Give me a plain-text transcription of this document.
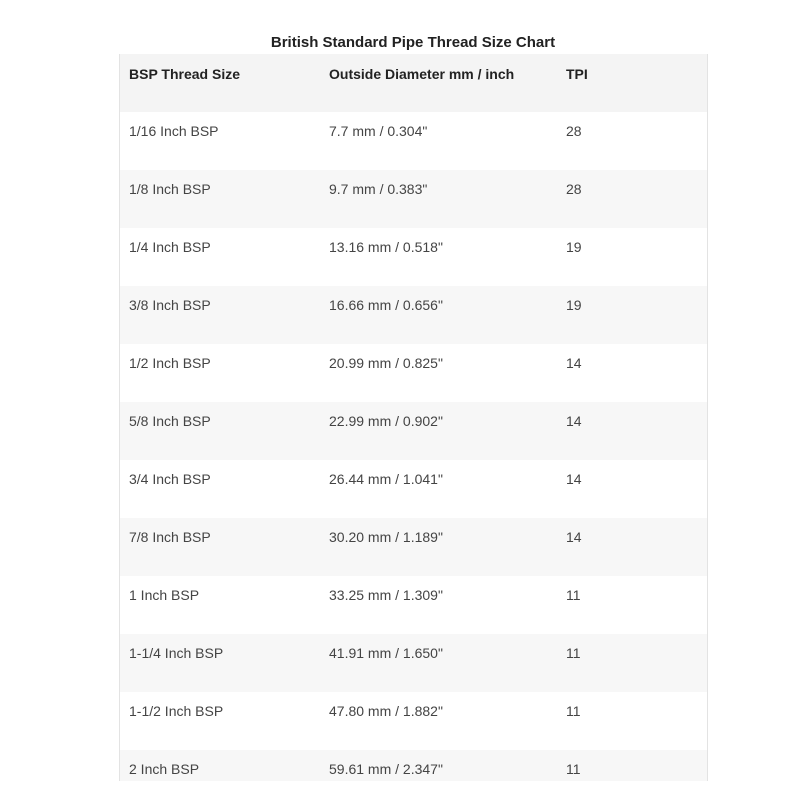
British Standard Pipe Thread Size Chart
BSP Thread Size	Outside Diameter mm / inch	TPI
1/16 Inch BSP	7.7 mm / 0.304"	28
1/8 Inch BSP	9.7 mm / 0.383"	28
1/4 Inch BSP	13.16 mm / 0.518"	19
3/8 Inch BSP	16.66 mm / 0.656"	19
1/2 Inch BSP	20.99 mm / 0.825"	14
5/8 Inch BSP	22.99 mm / 0.902"	14
3/4 Inch BSP	26.44 mm / 1.041"	14
7/8 Inch BSP	30.20 mm / 1.189"	14
1 Inch BSP	33.25 mm / 1.309"	11
1-1/4 Inch BSP	41.91 mm / 1.650"	11
1-1/2 Inch BSP	47.80 mm / 1.882"	11
2 Inch BSP	59.61 mm / 2.347"	11
